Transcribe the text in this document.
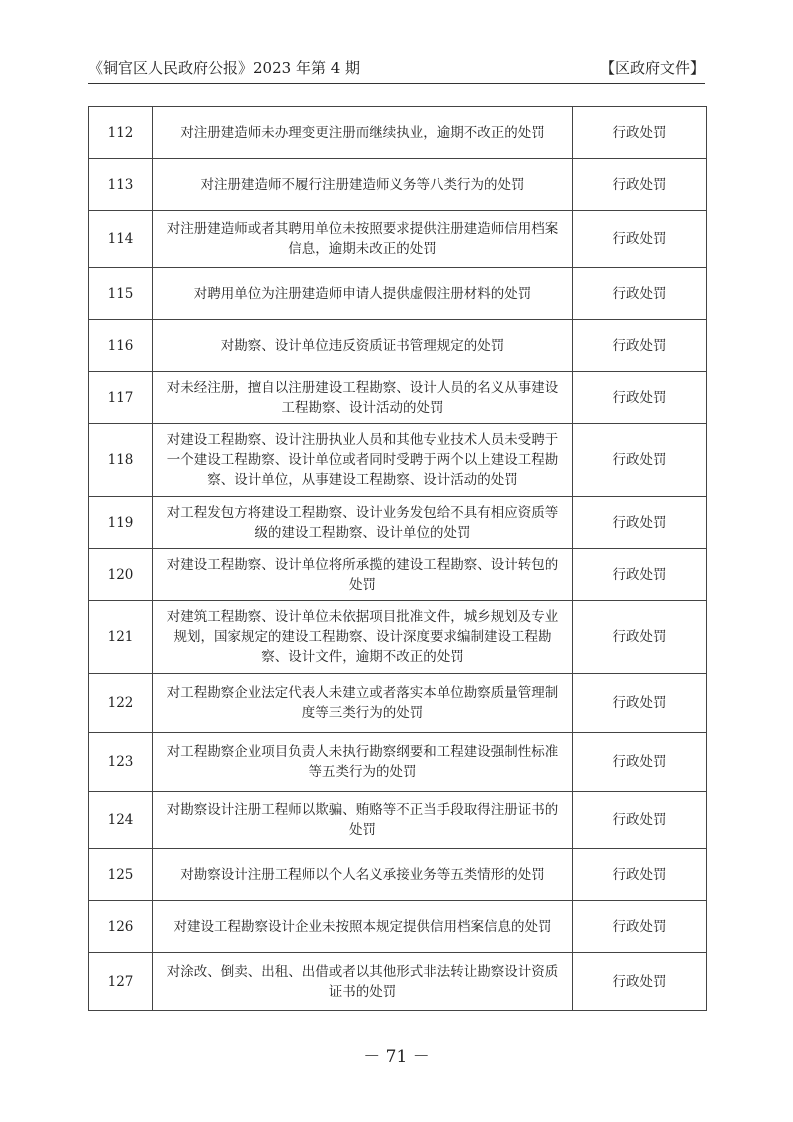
《铜官区人民政府公报》2023 年第 4 期	【区政府文件】
112	对注册建造师未办理变更注册而继续执业，逾期不改正的处罚	行政处罚
113	对注册建造师不履行注册建造师义务等八类行为的处罚	行政处罚
114	对注册建造师或者其聘用单位未按照要求提供注册建造师信用档案信息，逾期未改正的处罚	行政处罚
115	对聘用单位为注册建造师申请人提供虚假注册材料的处罚	行政处罚
116	对勘察、设计单位违反资质证书管理规定的处罚	行政处罚
117	对未经注册，擅自以注册建设工程勘察、设计人员的名义从事建设工程勘察、设计活动的处罚	行政处罚
118	对建设工程勘察、设计注册执业人员和其他专业技术人员未受聘于一个建设工程勘察、设计单位或者同时受聘于两个以上建设工程勘察、设计单位，从事建设工程勘察、设计活动的处罚	行政处罚
119	对工程发包方将建设工程勘察、设计业务发包给不具有相应资质等级的建设工程勘察、设计单位的处罚	行政处罚
120	对建设工程勘察、设计单位将所承揽的建设工程勘察、设计转包的处罚	行政处罚
121	对建筑工程勘察、设计单位未依据项目批准文件，城乡规划及专业规划，国家规定的建设工程勘察、设计深度要求编制建设工程勘察、设计文件，逾期不改正的处罚	行政处罚
122	对工程勘察企业法定代表人未建立或者落实本单位勘察质量管理制度等三类行为的处罚	行政处罚
123	对工程勘察企业项目负责人未执行勘察纲要和工程建设强制性标准等五类行为的处罚	行政处罚
124	对勘察设计注册工程师以欺骗、贿赂等不正当手段取得注册证书的处罚	行政处罚
125	对勘察设计注册工程师以个人名义承接业务等五类情形的处罚	行政处罚
126	对建设工程勘察设计企业未按照本规定提供信用档案信息的处罚	行政处罚
127	对涂改、倒卖、出租、出借或者以其他形式非法转让勘察设计资质证书的处罚	行政处罚
－ 71 －
